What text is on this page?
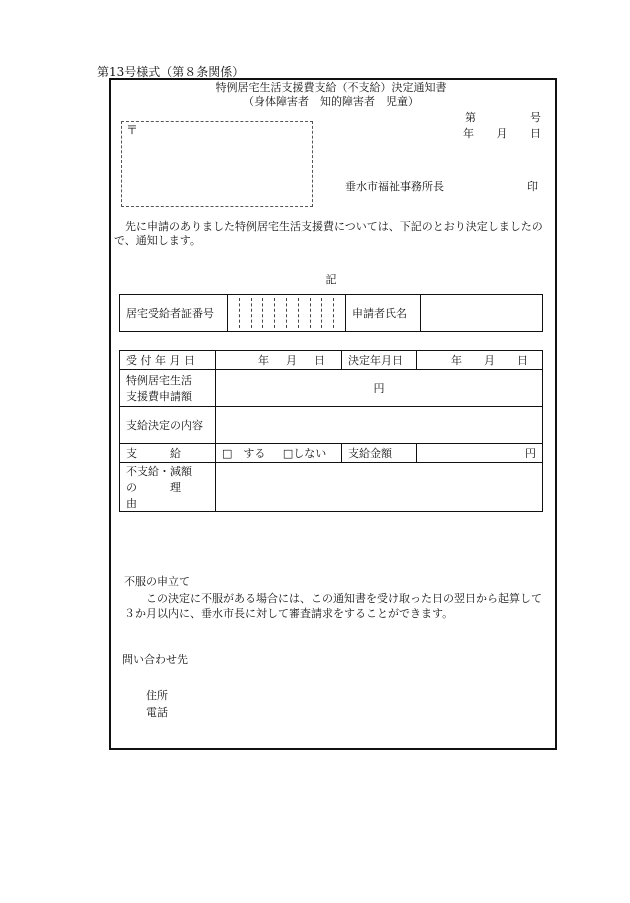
第13号様式（第８条関係）
特例居宅生活支援費支給（不支給）決定通知書
（身体障害者　知的障害者　児童）
第	号
年 月 日
〒
垂水市福祉事務所長	印
先に申請のありました特例居宅生活支援費については、下記のとおり決定しましたので、通知します。
記
居宅受給者証番号		申請者氏名	
受 付 年 月 日	年 月 日	決定年月日	年 月 日

特例居宅生活
支援費申請額	円		
支給決定の内容			
支　　　給	□　する □しない	支給金額	円

不支給・減額
の　　　理　　　由			

不服の申立て
この決定に不服がある場合には、この通知書を受け取った日の翌日から起算して３か月以内に、垂水市長に対して審査請求をすることができます。
問い合わせ先
住所
電話
